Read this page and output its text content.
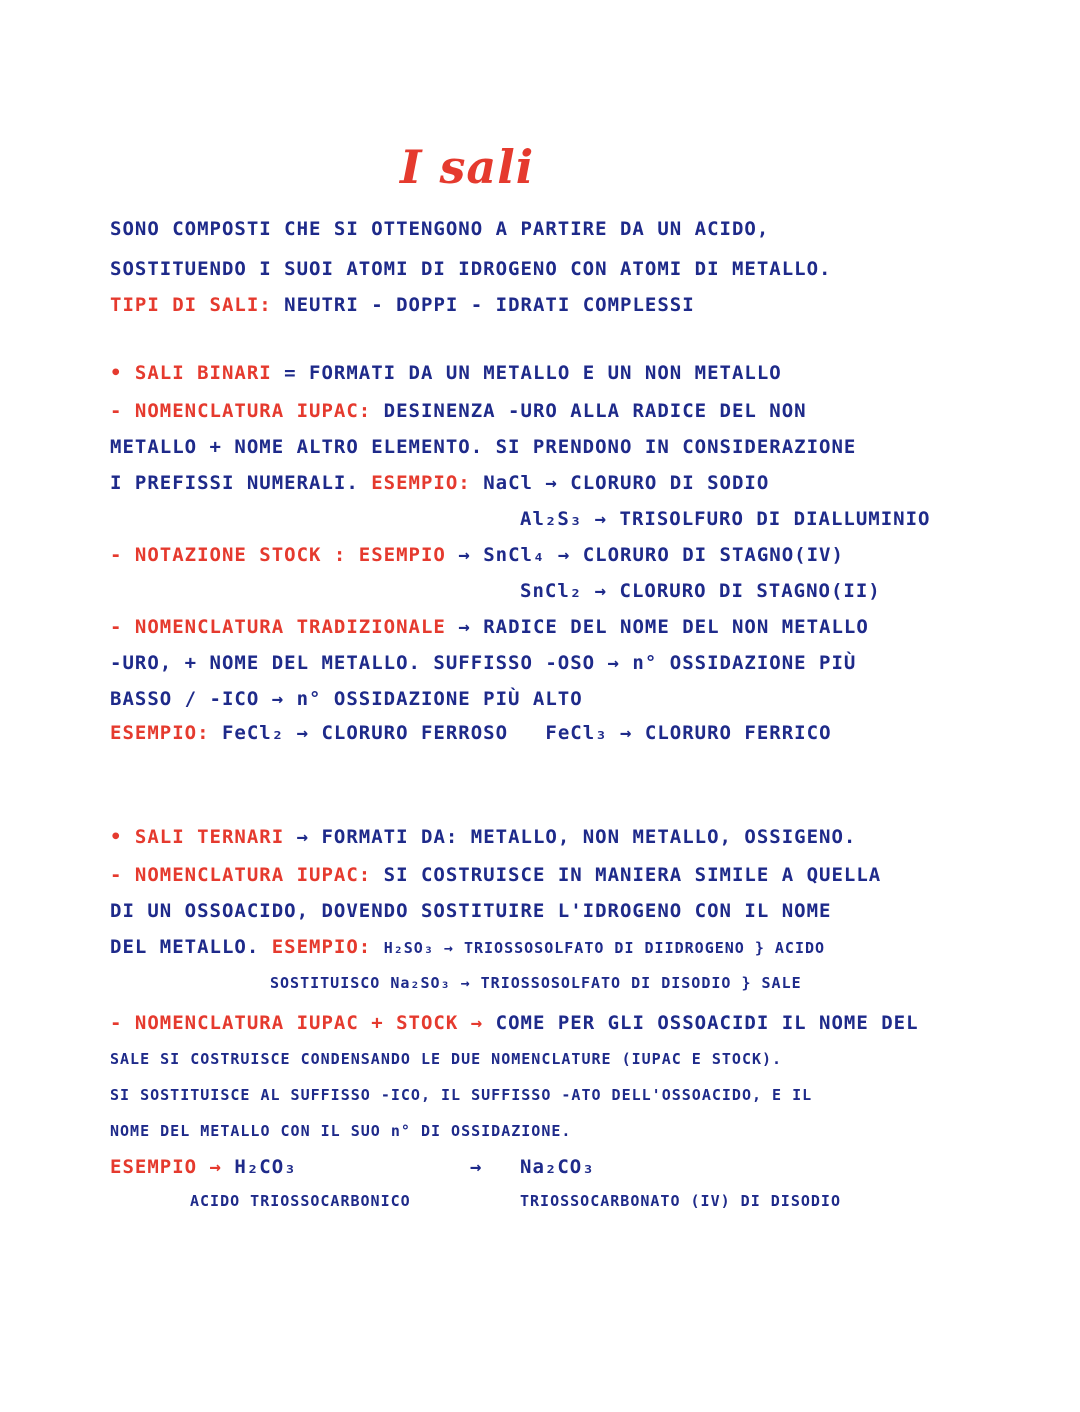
I sali
SONO COMPOSTI CHE SI OTTENGONO A PARTIRE DA UN ACIDO,
SOSTITUENDO I SUOI ATOMI DI IDROGENO CON ATOMI DI METALLO.
TIPI DI SALI: NEUTRI - DOPPI - IDRATI COMPLESSI
• SALI BINARI = FORMATI DA UN METALLO E UN NON METALLO
- NOMENCLATURA IUPAC: DESINENZA -URO ALLA RADICE DEL NON
METALLO + NOME ALTRO ELEMENTO. SI PRENDONO IN CONSIDERAZIONE
I PREFISSI NUMERALI. ESEMPIO: NaCl → CLORURO DI SODIO
Al₂S₃ → TRISOLFURO DI DIALLUMINIO
- NOTAZIONE STOCK : ESEMPIO → SnCl₄ → CLORURO DI STAGNO(IV)
SnCl₂ → CLORURO DI STAGNO(II)
- NOMENCLATURA TRADIZIONALE → RADICE DEL NOME DEL NON METALLO
-URO, + NOME DEL METALLO. SUFFISSO -OSO → n° OSSIDAZIONE PIÙ
BASSO / -ICO → n° OSSIDAZIONE PIÙ ALTO
ESEMPIO: FeCl₂ → CLORURO FERROSO FeCl₃ → CLORURO FERRICO
• SALI TERNARI → FORMATI DA: METALLO, NON METALLO, OSSIGENO.
- NOMENCLATURA IUPAC: SI COSTRUISCE IN MANIERA SIMILE A QUELLA
DI UN OSSOACIDO, DOVENDO SOSTITUIRE L'IDROGENO CON IL NOME
DEL METALLO. ESEMPIO: H₂SO₃ → TRIOSSOSOLFATO DI DIIDROGENO } ACIDO
SOSTITUISCO Na₂SO₃ → TRIOSSOSOLFATO DI DISODIO } SALE
- NOMENCLATURA IUPAC + STOCK → COME PER GLI OSSOACIDI IL NOME DEL
SALE SI COSTRUISCE CONDENSANDO LE DUE NOMENCLATURE (IUPAC E STOCK).
SI SOSTITUISCE AL SUFFISSO -ICO, IL SUFFISSO -ATO DELL'OSSOACIDO, E IL
NOME DEL METALLO CON IL SUO n° DI OSSIDAZIONE.
ESEMPIO → H₂CO₃	→ Na₂CO₃
ACIDO TRIOSSOCARBONICO	TRIOSSOCARBONATO (IV) DI DISODIO
